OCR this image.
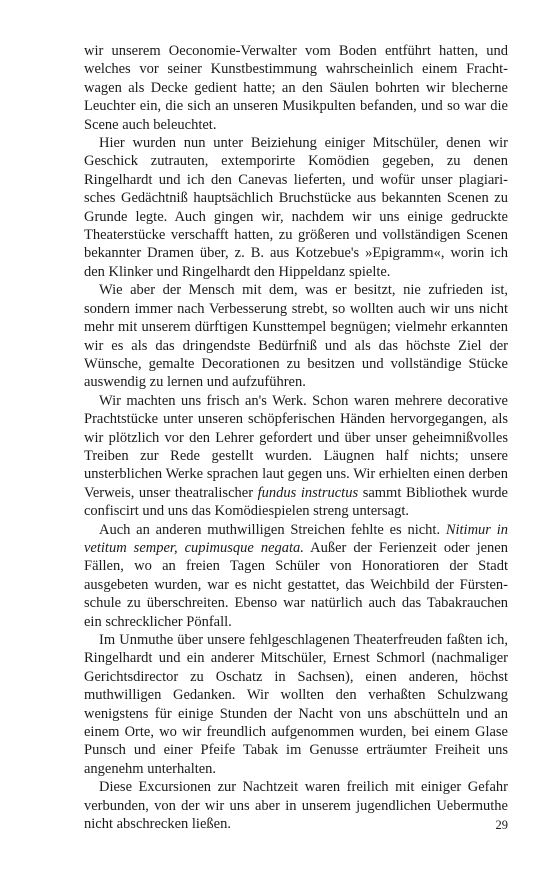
wir unserem Oeconomie-Verwalter vom Boden entführt hatten, und welches vor seiner Kunstbestimmung wahrscheinlich einem Frachtwagen als Decke gedient hatte; an den Säulen bohrten wir blecherne Leuchter ein, die sich an unseren Musikpulten befanden, und so war die Scene auch beleuchtet.

Hier wurden nun unter Beiziehung einiger Mitschüler, denen wir Geschick zutrauten, extemporirte Komödien gegeben, zu denen Ringelhardt und ich den Canevas lieferten, und wofür unser plagiarisches Gedächtniß hauptsächlich Bruchstücke aus bekannten Scenen zu Grunde legte. Auch gingen wir, nachdem wir uns einige gedruckte Theaterstücke verschafft hatten, zu größeren und vollständigen Scenen bekannter Dramen über, z. B. aus Kotzebue's »Epigramm«, worin ich den Klinker und Ringelhardt den Hippeldanz spielte.

Wie aber der Mensch mit dem, was er besitzt, nie zufrieden ist, sondern immer nach Verbesserung strebt, so wollten auch wir uns nicht mehr mit unserem dürftigen Kunsttempel begnügen; vielmehr erkannten wir es als das dringendste Bedürfniß und als das höchste Ziel der Wünsche, gemalte Decorationen zu besitzen und vollständige Stücke auswendig zu lernen und aufzuführen.

Wir machten uns frisch an's Werk. Schon waren mehrere decorative Prachtstücke unter unseren schöpferischen Händen hervorgegangen, als wir plötzlich vor den Lehrer gefordert und über unser geheimnißvolles Treiben zur Rede gestellt wurden. Läugnen half nichts; unsere unsterblichen Werke sprachen laut gegen uns. Wir erhielten einen derben Verweis, unser theatralischer fundus instructus sammt Bibliothek wurde confiscirt und uns das Komödiespielen streng untersagt.

Auch an anderen muthwilligen Streichen fehlte es nicht. Nitimur in vetitum semper, cupimusque negata. Außer der Ferienzeit oder jenen Fällen, wo an freien Tagen Schüler von Honoratioren der Stadt ausgebeten wurden, war es nicht gestattet, das Weichbild der Fürstenschule zu überschreiten. Ebenso war natürlich auch das Tabakrauchen ein schrecklicher Pönfall.

Im Unmuthe über unsere fehlgeschlagenen Theaterfreuden faßten ich, Ringelhardt und ein anderer Mitschüler, Ernest Schmorl (nachmaliger Gerichtsdirector zu Oschatz in Sachsen), einen anderen, höchst muthwilligen Gedanken. Wir wollten den verhaßten Schulzwang wenigstens für einige Stunden der Nacht von uns abschütteln und an einem Orte, wo wir freundlich aufgenommen wurden, bei einem Glase Punsch und einer Pfeife Tabak im Genusse erträumter Freiheit uns angenehm unterhalten.

Diese Excursionen zur Nachtzeit waren freilich mit einiger Gefahr verbunden, von der wir uns aber in unserem jugendlichen Uebermuthe nicht abschrecken ließen.	29
